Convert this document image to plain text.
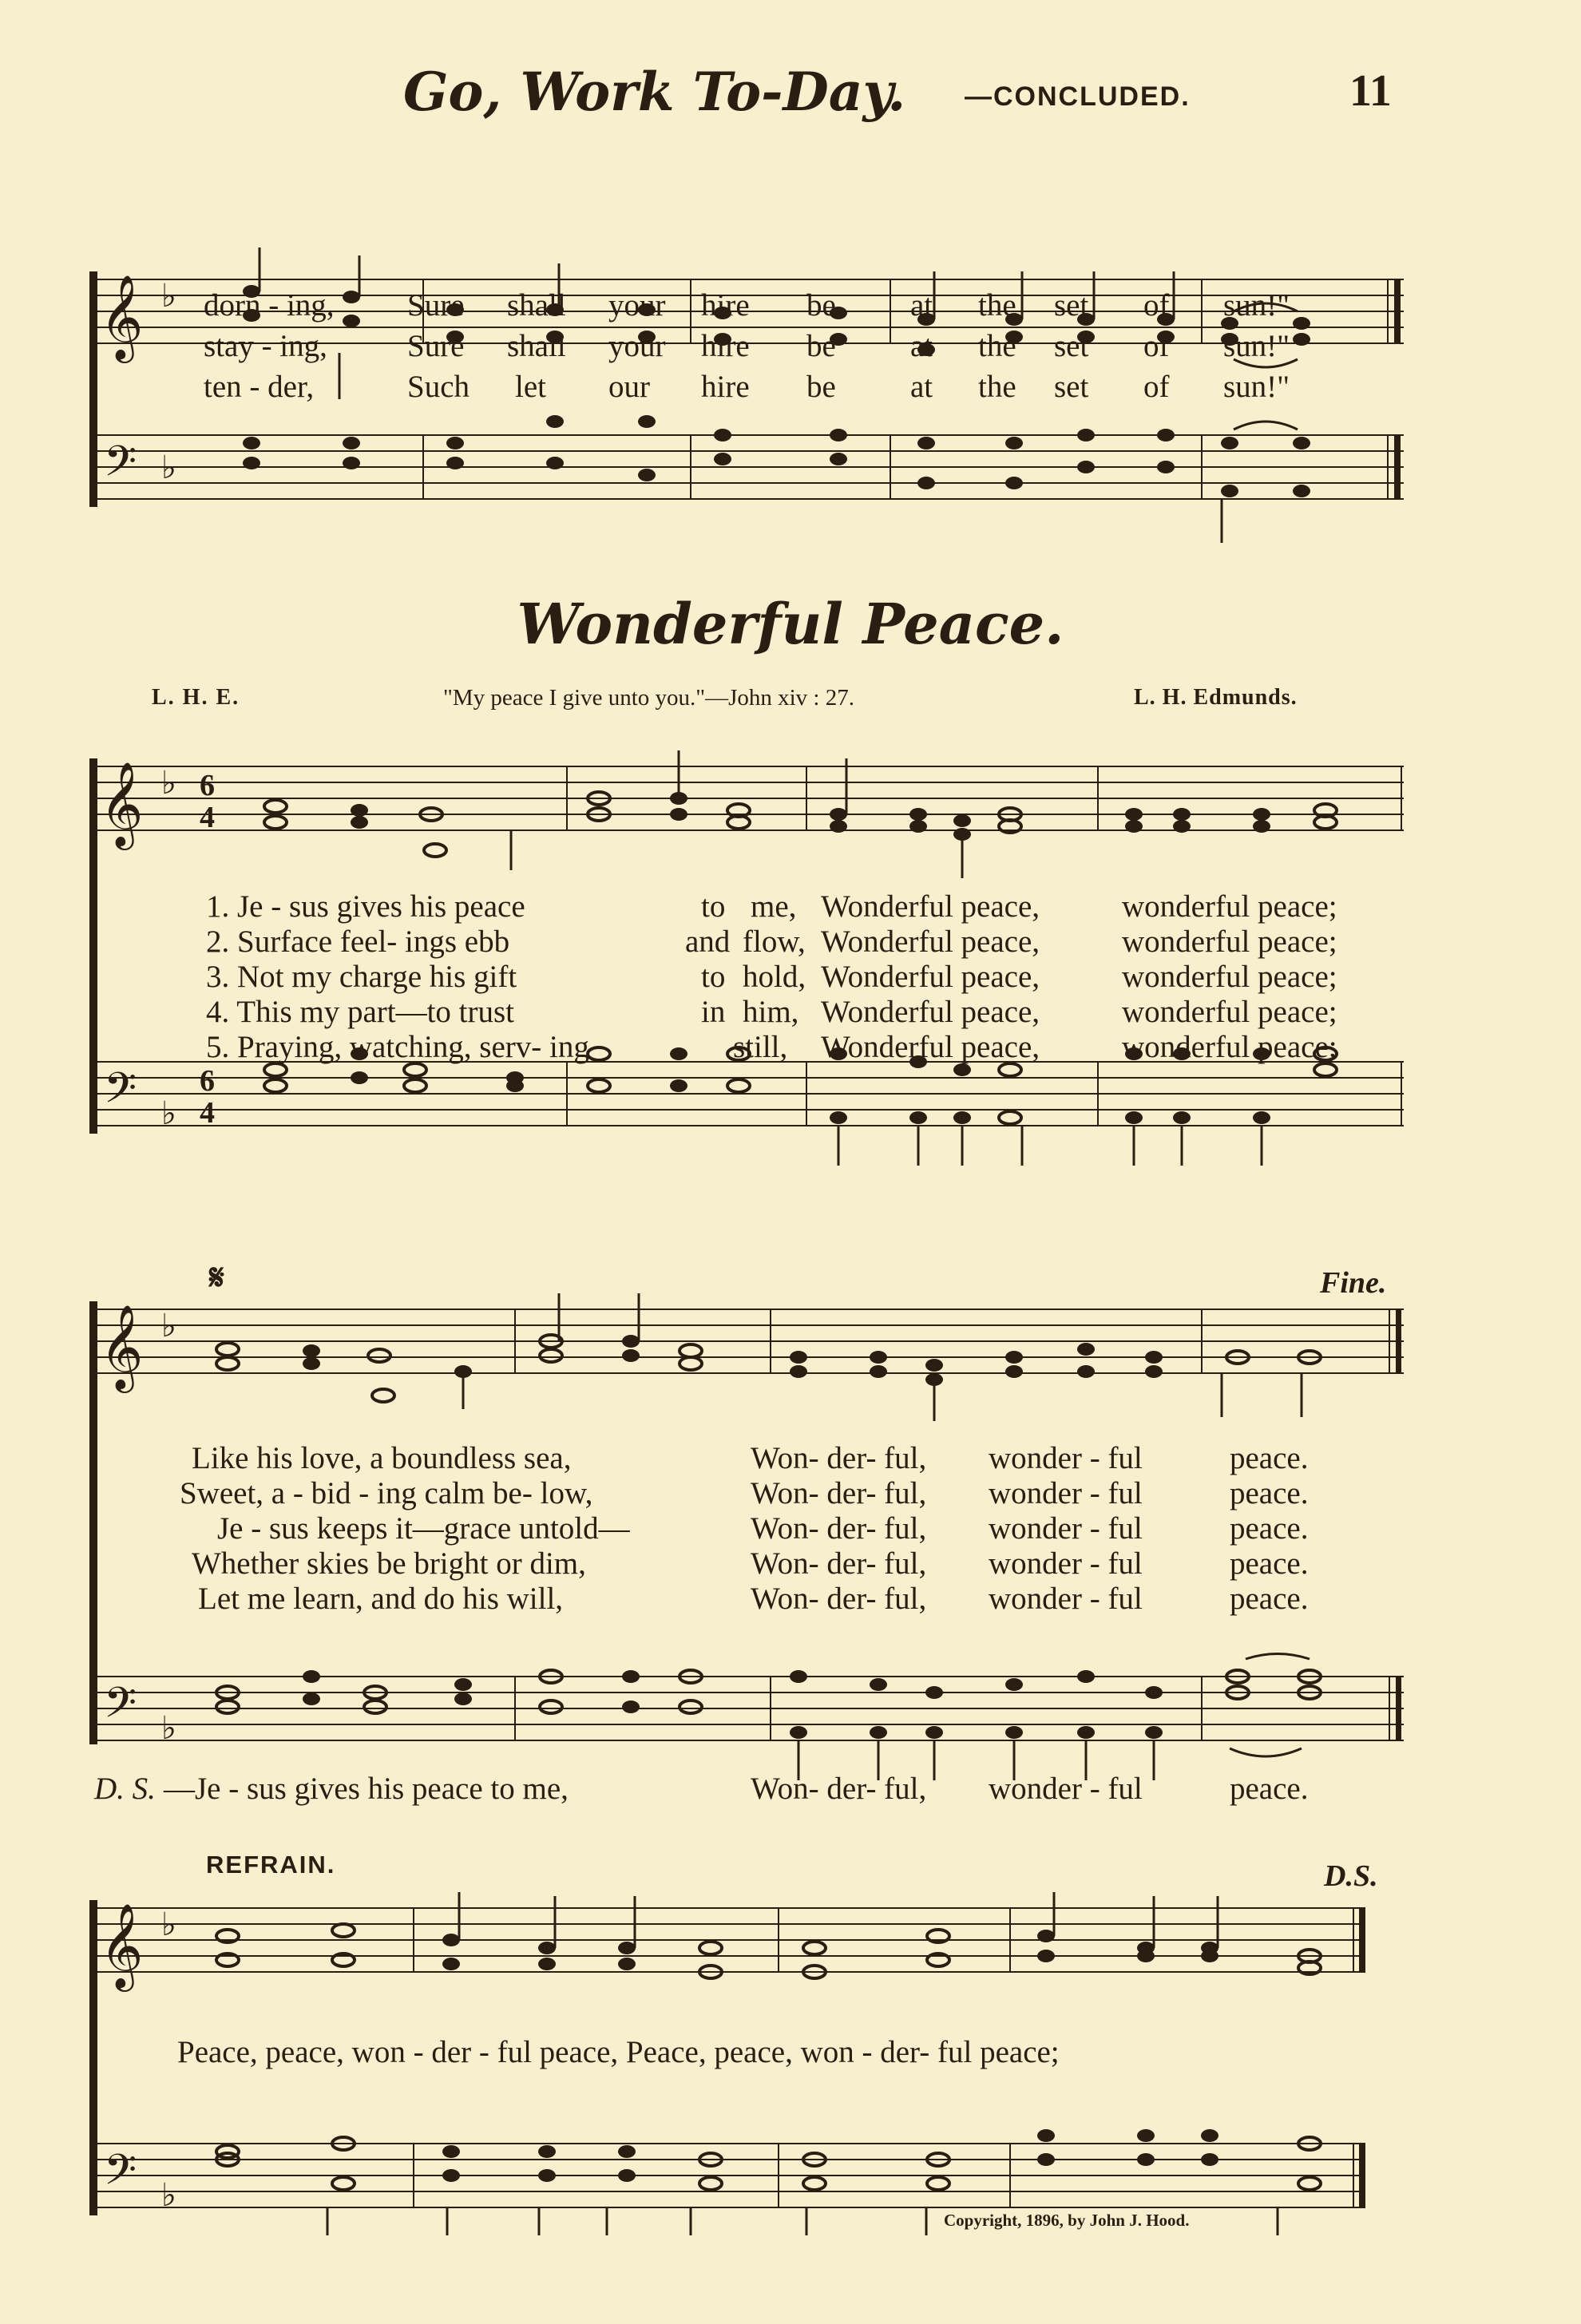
Go, Work To-Day. —CONCLUDED.	11
𝄞
𝄢
♭
♭
dorn - ing, Sure shall your hire be at the set of sun!"
stay - ing,	Sure shall your hire be at the set of sun!"
ten - der,	Such let our hire be at the set of sun!"
Wonderful Peace.
L. H. E.	"My peace I give unto you."—John xiv : 27.	L. H. Edmunds.
𝄞
𝄢
♭
♭
6
4
6
4
1. Je - sus gives his peace	to me, Wonderful peace,	wonderful peace;
2. Surface feel- ings ebb	and flow, Wonderful peace,	wonderful peace;
3. Not my charge his gift	to hold, Wonderful peace,	wonderful peace;
4. This my part—to trust	in him, Wonderful peace,	wonderful peace;
5. Praying, watching, serv- ing	still, Wonderful peace,	wonderful peace;
𝄋	Fine.
𝄞
𝄢
♭
♭
Like his love, a boundless sea,	Won- der- ful, wonder - ful	peace.
Sweet, a - bid - ing calm be- low,	Won- der- ful, wonder - ful	peace.
Je - sus keeps it—grace untold—	Won- der- ful, wonder - ful	peace.
Whether skies be bright or dim,	Won- der- ful, wonder - ful	peace.
Let me learn, and do his will,	Won- der- ful, wonder - ful	peace.
D. S. —Je - sus gives his peace to me,	Won- der- ful, wonder - ful	peace.
REFRAIN.	D.S.
𝄞
𝄢
♭
♭
Peace, peace, won - der - ful peace, Peace, peace, won - der- ful peace;
Copyright, 1896, by John J. Hood.
